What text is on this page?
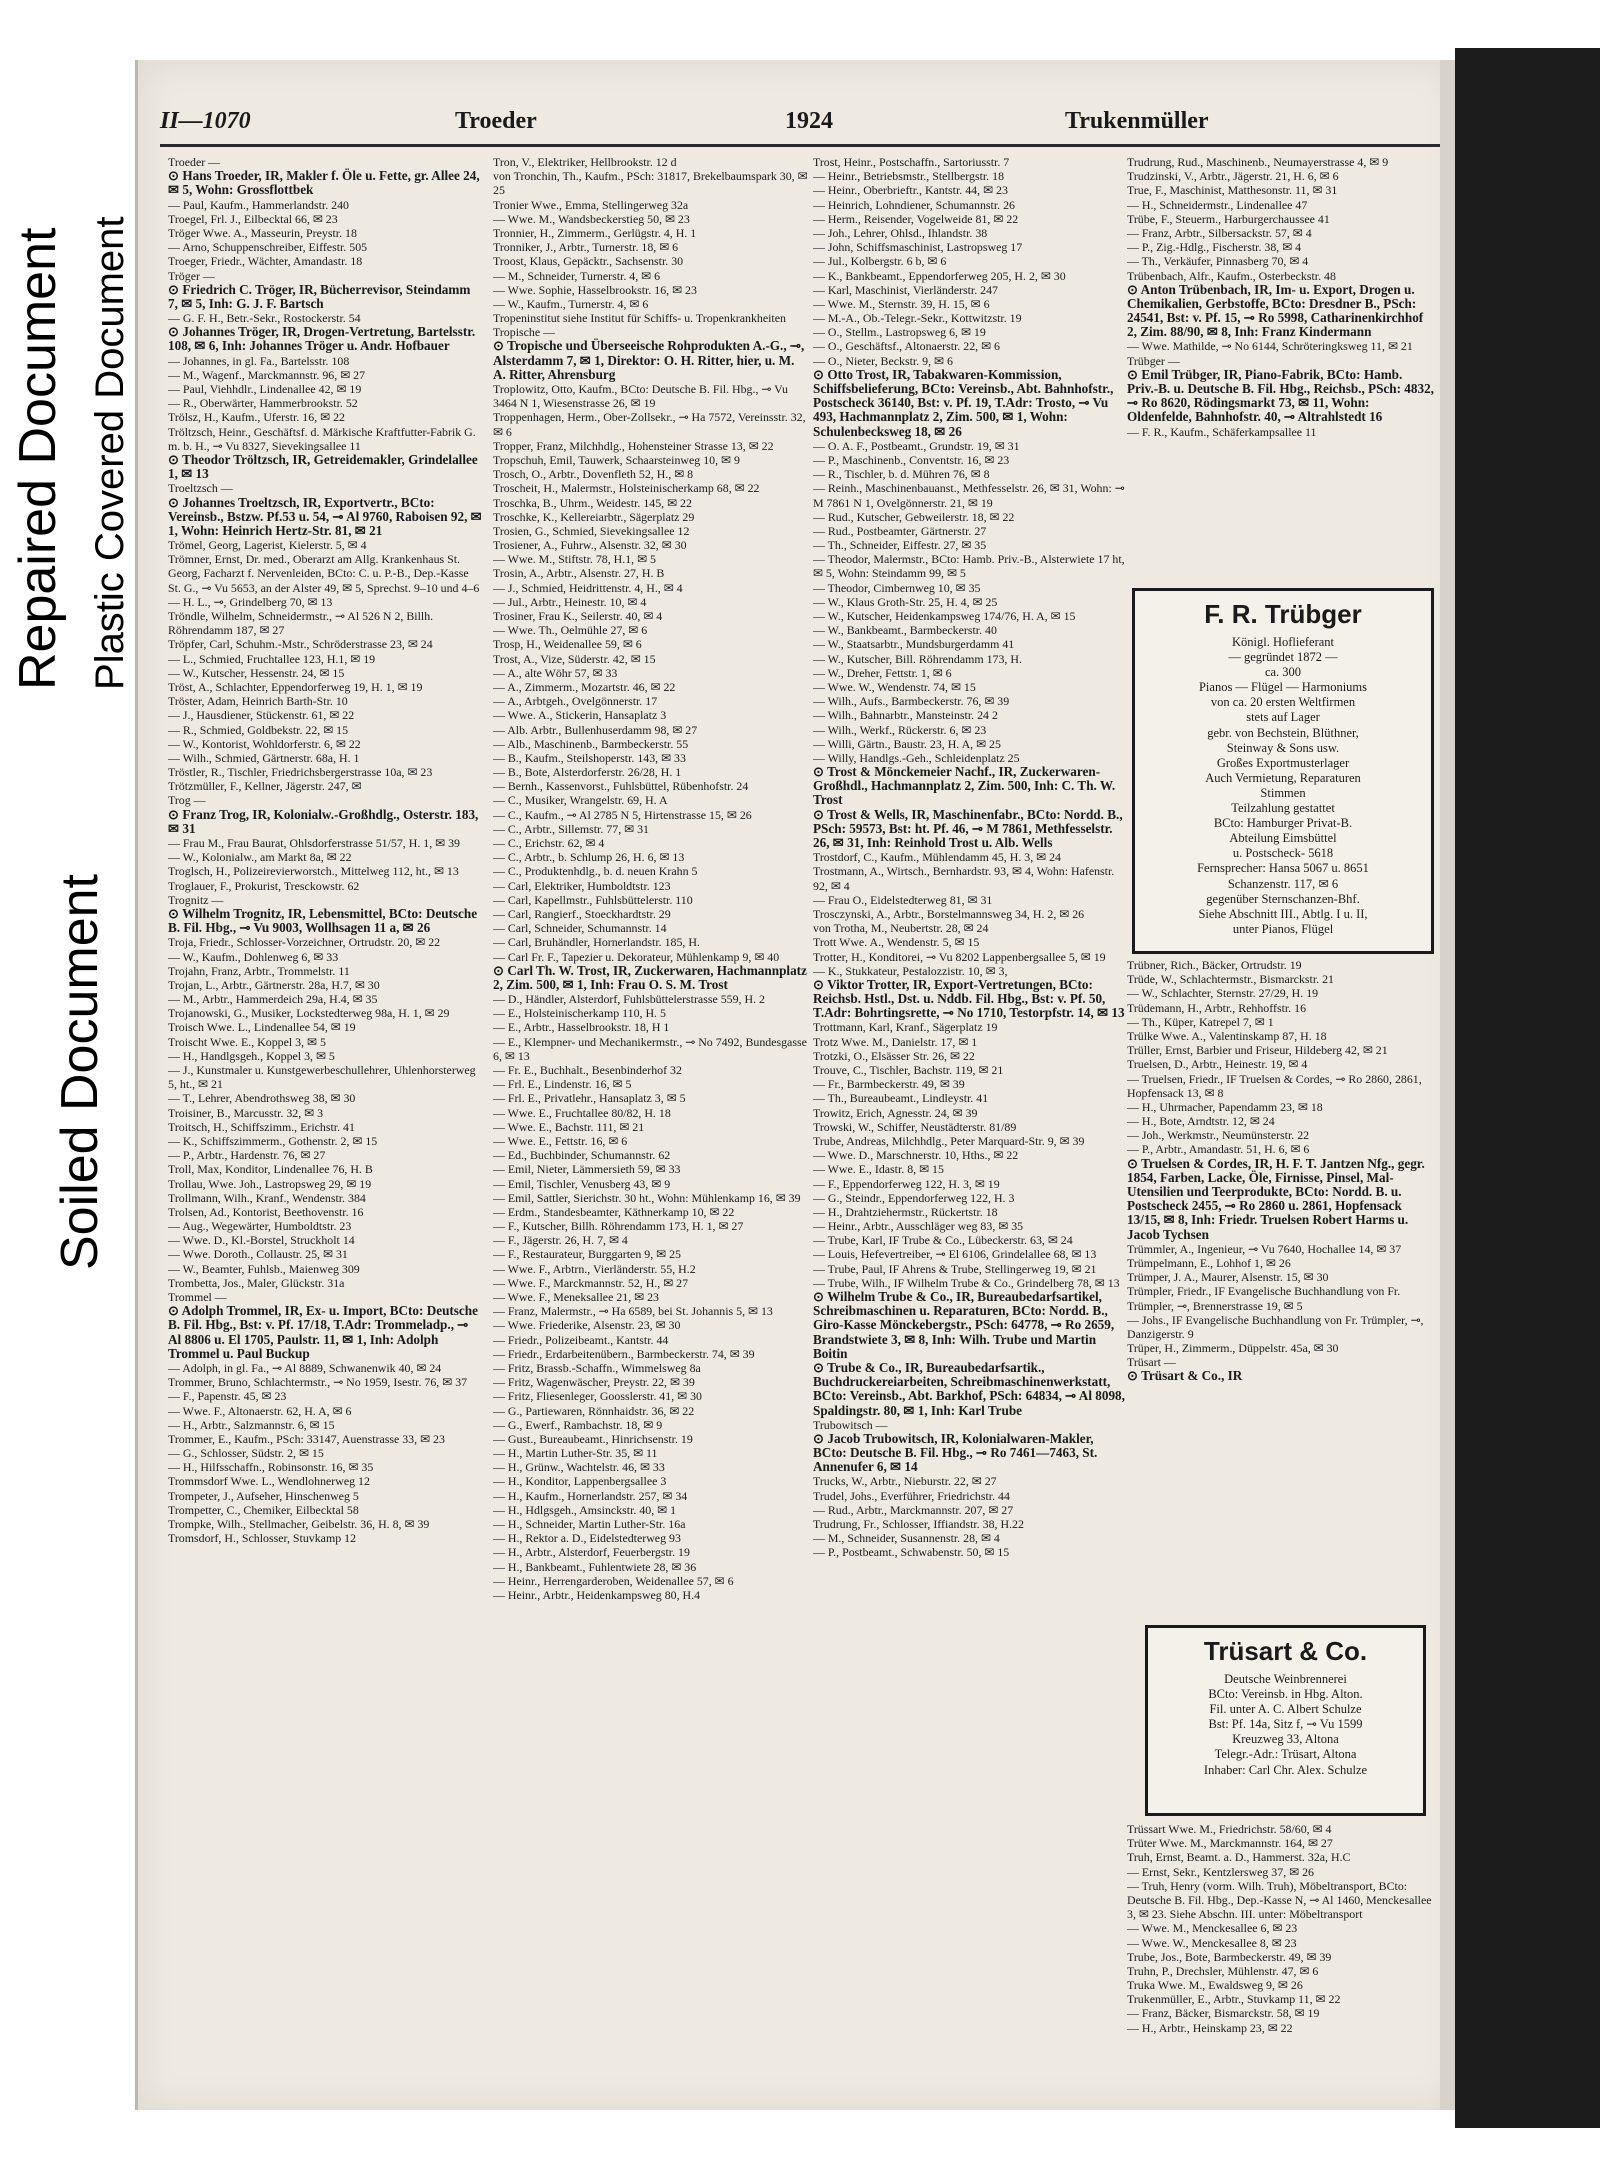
Repaired Document Plastic Covered Document
Soiled Document
II—1070	Troeder	1924	Trukenmüller

Troeder —

⊙ Hans Troeder, IR, Makler f. Öle u. Fette, gr. Allee 24, ✉ 5, Wohn: Grossflottbek

— Paul, Kaufm., Hammerlandstr. 240

Troegel, Frl. J., Eilbecktal 66, ✉ 23

Tröger Wwe. A., Masseurin, Preystr. 18

— Arno, Schuppenschreiber, Eiffestr. 505

Troeger, Friedr., Wächter, Amandastr. 18

Tröger —

⊙ Friedrich C. Tröger, IR, Bücherrevisor, Steindamm 7, ✉ 5, Inh: G. J. F. Bartsch

— G. F. H., Betr.-Sekr., Rostockerstr. 54

⊙ Johannes Tröger, IR, Drogen-Vertretung, Bartelsstr. 108, ✉ 6, Inh: Johannes Tröger u. Andr. Hofbauer

— Johannes, in gl. Fa., Bartelsstr. 108

— M., Wagenf., Marckmannstr. 96, ✉ 27

— Paul, Viehhdlr., Lindenallee 42, ✉ 19

— R., Oberwärter, Hammerbrookstr. 52

Trölsz, H., Kaufm., Uferstr. 16, ✉ 22

Tröltzsch, Heinr., Geschäftsf. d. Märkische Kraftfutter-Fabrik G. m. b. H., ⊸ Vu 8327, Sievekingsallee 11

⊙ Theodor Tröltzsch, IR, Getreidemakler, Grindelallee 1, ✉ 13

Troeltzsch —

⊙ Johannes Troeltzsch, IR, Exportvertr., BCto: Vereinsb., Bstzw. Pf.53 u. 54, ⊸ Al 9760, Raboisen 92, ✉ 1, Wohn: Heinrich Hertz-Str. 81, ✉ 21

Trömel, Georg, Lagerist, Kielerstr. 5, ✉ 4

Trömner, Ernst, Dr. med., Oberarzt am Allg. Krankenhaus St. Georg, Facharzt f. Nervenleiden, BCto: C. u. P.-B., Dep.-Kasse St. G., ⊸ Vu 5653, an der Alster 49, ✉ 5, Sprechst. 9–10 und 4–6

— H. L., ⊸, Grindelberg 70, ✉ 13

Tröndle, Wilhelm, Schneidermstr., ⊸ Al 526 N 2, Billh. Röhrendamm 187, ✉ 27

Tröpfer, Carl, Schuhm.-Mstr., Schröderstrasse 23, ✉ 24

— L., Schmied, Fruchtallee 123, H.1, ✉ 19

— W., Kutscher, Hessenstr. 24, ✉ 15

Tröst, A., Schlachter, Eppendorferweg 19, H. 1, ✉ 19

Tröster, Adam, Heinrich Barth-Str. 10

— J., Hausdiener, Stückenstr. 61, ✉ 22

— R., Schmied, Goldbekstr. 22, ✉ 15

— W., Kontorist, Wohldorferstr. 6, ✉ 22

— Wilh., Schmied, Gärtnerstr. 68a, H. 1

Tröstler, R., Tischler, Friedrichsbergerstrasse 10a, ✉ 23

Trötzmüller, F., Kellner, Jägerstr. 247, ✉

Trog —

⊙ Franz Trog, IR, Kolonialw.-Großhdlg., Osterstr. 183, ✉ 31

— Frau M., Frau Baurat, Ohlsdorferstrasse 51/57, H. 1, ✉ 39

— W., Kolonialw., am Markt 8a, ✉ 22

Troglsch, H., Polizeirevierworstch., Mittelweg 112, ht., ✉ 13

Troglauer, F., Prokurist, Tresckowstr. 62

Trognitz —

⊙ Wilhelm Trognitz, IR, Lebensmittel, BCto: Deutsche B. Fil. Hbg., ⊸ Vu 9003, Wollhsagen 11 a, ✉ 26

Troja, Friedr., Schlosser-Vorzeichner, Ortrudstr. 20, ✉ 22

— W., Kaufm., Dohlenweg 6, ✉ 33

Trojahn, Franz, Arbtr., Trommelstr. 11

Trojan, L., Arbtr., Gärtnerstr. 28a, H.7, ✉ 30

— M., Arbtr., Hammerdeich 29a, H.4, ✉ 35

Trojanowski, G., Musiker, Lockstedterweg 98a, H. 1, ✉ 29

Troisch Wwe. L., Lindenallee 54, ✉ 19

Troischt Wwe. E., Koppel 3, ✉ 5

— H., Handlgsgeh., Koppel 3, ✉ 5

— J., Kunstmaler u. Kunstgewerbeschullehrer, Uhlenhorsterweg 5, ht., ✉ 21

— T., Lehrer, Abendrothsweg 38, ✉ 30

Troisiner, B., Marcusstr. 32, ✉ 3

Troitsch, H., Schiffszimm., Erichstr. 41

— K., Schiffszimmerm., Gothenstr. 2, ✉ 15

— P., Arbtr., Hardenstr. 76, ✉ 27

Troll, Max, Konditor, Lindenallee 76, H. B

Trollau, Wwe. Joh., Lastropsweg 29, ✉ 19

Trollmann, Wilh., Kranf., Wendenstr. 384

Trolsen, Ad., Kontorist, Beethovenstr. 16

— Aug., Wegewärter, Humboldtstr. 23

— Wwe. D., Kl.-Borstel, Struckholt 14

— Wwe. Doroth., Collaustr. 25, ✉ 31

— W., Beamter, Fuhlsb., Maienweg 309

Trombetta, Jos., Maler, Glückstr. 31a

Trommel —

⊙ Adolph Trommel, IR, Ex- u. Import, BCto: Deutsche B. Fil. Hbg., Bst: v. Pf. 17/18, T.Adr: Trommeladp., ⊸ Al 8806 u. El 1705, Paulstr. 11, ✉ 1, Inh: Adolph Trommel u. Paul Buckup

— Adolph, in gl. Fa., ⊸ Al 8889, Schwanenwik 40, ✉ 24

Trommer, Bruno, Schlachtermstr., ⊸ No 1959, Isestr. 76, ✉ 37

— F., Papenstr. 45, ✉ 23

— Wwe. F., Altonaerstr. 62, H. A, ✉ 6

— H., Arbtr., Salzmannstr. 6, ✉ 15

Trommer, E., Kaufm., PSch: 33147, Auenstrasse 33, ✉ 23

— G., Schlosser, Südstr. 2, ✉ 15

— H., Hilfsschaffn., Robinsonstr. 16, ✉ 35

Trommsdorf Wwe. L., Wendlohnerweg 12

Trompeter, J., Aufseher, Hinschenweg 5

Trompetter, C., Chemiker, Eilbecktal 58

Trompke, Wilh., Stellmacher, Geibelstr. 36, H. 8, ✉ 39

Tromsdorf, H., Schlosser, Stuvkamp 12

Tron, V., Elektriker, Hellbrookstr. 12 d

von Tronchin, Th., Kaufm., PSch: 31817, Brekelbaumspark 30, ✉ 25

Tronier Wwe., Emma, Stellingerweg 32a

— Wwe. M., Wandsbeckerstieg 50, ✉ 23

Tronnier, H., Zimmerm., Gerlügstr. 4, H. 1

Tronniker, J., Arbtr., Turnerstr. 18, ✉ 6

Troost, Klaus, Gepäcktr., Sachsenstr. 30

— M., Schneider, Turnerstr. 4, ✉ 6

— Wwe. Sophie, Hasselbrookstr. 16, ✉ 23

— W., Kaufm., Turnerstr. 4, ✉ 6

Tropeninstitut siehe Institut für Schiffs- u. Tropenkrankheiten

Tropische —

⊙ Tropische und Überseeische Rohprodukten A.-G., ⊸, Alsterdamm 7, ✉ 1, Direktor: O. H. Ritter, hier, u. M. A. Ritter, Ahrensburg

Troplowitz, Otto, Kaufm., BCto: Deutsche B. Fil. Hbg., ⊸ Vu 3464 N 1, Wiesenstrasse 26, ✉ 19

Troppenhagen, Herm., Ober-Zollsekr., ⊸ Ha 7572, Vereinsstr. 32, ✉ 6

Tropper, Franz, Milchhdlg., Hohensteiner Strasse 13, ✉ 22

Tropschuh, Emil, Tauwerk, Schaarsteinweg 10, ✉ 9

Trosch, O., Arbtr., Dovenfleth 52, H., ✉ 8

Troscheit, H., Malermstr., Holsteinischerkamp 68, ✉ 22

Troschka, B., Uhrm., Weidestr. 145, ✉ 22

Troschke, K., Kellereiarbtr., Sägerplatz 29

Trosien, G., Schmied, Sievekingsallee 12

Trosiener, A., Fuhrw., Alsenstr. 32, ✉ 30

— Wwe. M., Stiftstr. 78, H.1, ✉ 5

Trosin, A., Arbtr., Alsenstr. 27, H. B

— J., Schmied, Heidrittenstr. 4, H., ✉ 4

— Jul., Arbtr., Heinestr. 10, ✉ 4

Trosiner, Frau K., Seilerstr. 40, ✉ 4

— Wwe. Th., Oelmühle 27, ✉ 6

Trosp, H., Weidenallee 59, ✉ 6

Trost, A., Vize, Süderstr. 42, ✉ 15

— A., alte Wöhr 57, ✉ 33

— A., Zimmerm., Mozartstr. 46, ✉ 22

— A., Arbtgeh., Ovelgönnerstr. 17

— Wwe. A., Stickerin, Hansaplatz 3

— Alb. Arbtr., Bullenhuserdamm 98, ✉ 27

— Alb., Maschinenb., Barmbeckerstr. 55

— B., Kaufm., Steilshoperstr. 143, ✉ 33

— B., Bote, Alsterdorferstr. 26/28, H. 1

— Bernh., Kassenvorst., Fuhlsbüttel, Rübenhofstr. 24

— C., Musiker, Wrangelstr. 69, H. A

— C., Kaufm., ⊸ Al 2785 N 5, Hirtenstrasse 15, ✉ 26

— C., Arbtr., Sillemstr. 77, ✉ 31

— C., Erichstr. 62, ✉ 4

— C., Arbtr., b. Schlump 26, H. 6, ✉ 13

— C., Produktenhdlg., b. d. neuen Krahn 5

— Carl, Elektriker, Humboldtstr. 123

— Carl, Kapellmstr., Fuhlsbüttelerstr. 110

— Carl, Rangierf., Stoeckhardtstr. 29

— Carl, Schneider, Schumannstr. 14

— Carl, Bruhändler, Hornerlandstr. 185, H.

— Carl Fr. F., Tapezier u. Dekorateur, Mühlenkamp 9, ✉ 40

⊙ Carl Th. W. Trost, IR, Zuckerwaren, Hachmannplatz 2, Zim. 500, ✉ 1, Inh: Frau O. S. M. Trost

— D., Händler, Alsterdorf, Fuhlsbüttelerstrasse 559, H. 2

— E., Holsteinischerkamp 110, H. 5

— E., Arbtr., Hasselbrookstr. 18, H 1

— E., Klempner- und Mechanikermstr., ⊸ No 7492, Bundesgasse 6, ✉ 13

— Fr. E., Buchhalt., Besenbinderhof 32

— Frl. E., Lindenstr. 16, ✉ 5

— Frl. E., Privatlehr., Hansaplatz 3, ✉ 5

— Wwe. E., Fruchtallee 80/82, H. 18

— Wwe. E., Bachstr. 111, ✉ 21

— Wwe. E., Fettstr. 16, ✉ 6

— Ed., Buchbinder, Schumannstr. 62

— Emil, Nieter, Lämmersieth 59, ✉ 33

— Emil, Tischler, Venusberg 43, ✉ 9

— Emil, Sattler, Sierichstr. 30 ht., Wohn: Mühlenkamp 16, ✉ 39

— Erdm., Standesbeamter, Käthnerkamp 10, ✉ 22

— F., Kutscher, Billh. Röhrendamm 173, H. 1, ✉ 27

— F., Jägerstr. 26, H. 7, ✉ 4

— F., Restaurateur, Burggarten 9, ✉ 25

— Wwe. F., Arbtrn., Vierländerstr. 55, H.2

— Wwe. F., Marckmannstr. 52, H., ✉ 27

— Wwe. F., Meneksallee 21, ✉ 23

— Franz, Malermstr., ⊸ Ha 6589, bei St. Johannis 5, ✉ 13

— Wwe. Friederike, Alsenstr. 23, ✉ 30

— Friedr., Polizeibeamt., Kantstr. 44

— Friedr., Erdarbeitenübern., Barmbeckerstr. 74, ✉ 39

— Fritz, Brassb.-Schaffn., Wimmelsweg 8a

— Fritz, Wagenwäscher, Preystr. 22, ✉ 39

— Fritz, Fliesenleger, Goosslerstr. 41, ✉ 30

— G., Partiewaren, Rönnhaidstr. 36, ✉ 22

— G., Ewerf., Rambachstr. 18, ✉ 9

— Gust., Bureaubeamt., Hinrichsenstr. 19

— H., Martin Luther-Str. 35, ✉ 11

— H., Grünw., Wachtelstr. 46, ✉ 33

— H., Konditor, Lappenbergsallee 3

— H., Kaufm., Hornerlandstr. 257, ✉ 34

— H., Hdlgsgeh., Amsinckstr. 40, ✉ 1

— H., Schneider, Martin Luther-Str. 16a

— H., Rektor a. D., Eidelstedterweg 93

— H., Arbtr., Alsterdorf, Feuerbergstr. 19

— H., Bankbeamt., Fuhlentwiete 28, ✉ 36

— Heinr., Herrengarderoben, Weidenallee 57, ✉ 6

— Heinr., Arbtr., Heidenkampsweg 80, H.4

Trost, Heinr., Postschaffn., Sartoriusstr. 7

— Heinr., Betriebsmstr., Stellbergstr. 18

— Heinr., Oberbrieftr., Kantstr. 44, ✉ 23

— Heinrich, Lohndiener, Schumannstr. 26

— Herm., Reisender, Vogelweide 81, ✉ 22

— Joh., Lehrer, Ohlsd., Ihlandstr. 38

— John, Schiffsmaschinist, Lastropsweg 17

— Jul., Kolbergstr. 6 b, ✉ 6

— K., Bankbeamt., Eppendorferweg 205, H. 2, ✉ 30

— Karl, Maschinist, Vierländerstr. 247

— Wwe. M., Sternstr. 39, H. 15, ✉ 6

— M.-A., Ob.-Telegr.-Sekr., Kottwitzstr. 19

— O., Stellm., Lastropsweg 6, ✉ 19

— O., Geschäftsf., Altonaerstr. 22, ✉ 6

— O., Nieter, Beckstr. 9, ✉ 6

⊙ Otto Trost, IR, Tabakwaren-Kommission, Schiffsbelieferung, BCto: Vereinsb., Abt. Bahnhofstr., Postscheck 36140, Bst: v. Pf. 19, T.Adr: Trosto, ⊸ Vu 493, Hachmannplatz 2, Zim. 500, ✉ 1, Wohn: Schulenbecksweg 18, ✉ 26

— O. A. F., Postbeamt., Grundstr. 19, ✉ 31

— P., Maschinenb., Conventstr. 16, ✉ 23

— R., Tischler, b. d. Mühren 76, ✉ 8

— Reinh., Maschinenbauanst., Methfesselstr. 26, ✉ 31, Wohn: ⊸ M 7861 N 1, Ovelgönnerstr. 21, ✉ 19

— Rud., Kutscher, Gebweilerstr. 18, ✉ 22

— Rud., Postbeamter, Gärtnerstr. 27

— Th., Schneider, Eiffestr. 27, ✉ 35

— Theodor, Malermstr., BCto: Hamb. Priv.-B., Alsterwiete 17 ht, ✉ 5, Wohn: Steindamm 99, ✉ 5

— Theodor, Cimbernweg 10, ✉ 35

— W., Klaus Groth-Str. 25, H. 4, ✉ 25

— W., Kutscher, Heidenkampsweg 174/76, H. A, ✉ 15

— W., Bankbeamt., Barmbeckerstr. 40

— W., Staatsarbtr., Mundsburgerdamm 41

— W., Kutscher, Bill. Röhrendamm 173, H.

— W., Dreher, Fettstr. 1, ✉ 6

— Wwe. W., Wendenstr. 74, ✉ 15

— Wilh., Aufs., Barmbeckerstr. 76, ✉ 39

— Wilh., Bahnarbtr., Mansteinstr. 24 2

— Wilh., Werkf., Rückerstr. 6, ✉ 23

— Willi, Gärtn., Baustr. 23, H. A, ✉ 25

— Willy, Handlgs.-Geh., Schleidenplatz 25

⊙ Trost & Mönckemeier Nachf., IR, Zuckerwaren-Großhdl., Hachmannplatz 2, Zim. 500, Inh: C. Th. W. Trost

⊙ Trost & Wells, IR, Maschinenfabr., BCto: Nordd. B., PSch: 59573, Bst: ht. Pf. 46, ⊸ M 7861, Methfesselstr. 26, ✉ 31, Inh: Reinhold Trost u. Alb. Wells

Trostdorf, C., Kaufm., Mühlendamm 45, H. 3, ✉ 24

Trostmann, A., Wirtsch., Bernhardstr. 93, ✉ 4, Wohn: Hafenstr. 92, ✉ 4

— Frau O., Eidelstedterweg 81, ✉ 31

Trosczynski, A., Arbtr., Borstelmannsweg 34, H. 2, ✉ 26

von Trotha, M., Neubertstr. 28, ✉ 24

Trott Wwe. A., Wendenstr. 5, ✉ 15

Trotter, H., Konditorei, ⊸ Vu 8202 Lappenbergsallee 5, ✉ 19

— K., Stukkateur, Pestalozzistr. 10, ✉ 3,

⊙ Viktor Trotter, IR, Export-Vertretungen, BCto: Reichsb. Hstl., Dst. u. Nddb. Fil. Hbg., Bst: v. Pf. 50, T.Adr: Bohrtingsrette, ⊸ No 1710, Testorpfstr. 14, ✉ 13

Trottmann, Karl, Kranf., Sägerplatz 19

Trotz Wwe. M., Danielstr. 17, ✉ 1

Trotzki, O., Elsässer Str. 26, ✉ 22

Trouve, C., Tischler, Bachstr. 119, ✉ 21

— Fr., Barmbeckerstr. 49, ✉ 39

— Th., Bureaubeamt., Lindleystr. 41

Trowitz, Erich, Agnesstr. 24, ✉ 39

Trowski, W., Schiffer, Neustädterstr. 81/89

Trube, Andreas, Milchhdlg., Peter Marquard-Str. 9, ✉ 39

— Wwe. D., Marschnerstr. 10, Hths., ✉ 22

— Wwe. E., Idastr. 8, ✉ 15

— F., Eppendorferweg 122, H. 3, ✉ 19

— G., Steindr., Eppendorferweg 122, H. 3

— H., Drahtziehermstr., Rückertstr. 18

— Heinr., Arbtr., Ausschläger weg 83, ✉ 35

— Trube, Karl, IF Trube & Co., Lübeckerstr. 63, ✉ 24

— Louis, Hefevertreiber, ⊸ El 6106, Grindelallee 68, ✉ 13

— Trube, Paul, IF Ahrens & Trube, Stellingerweg 19, ✉ 21

— Trube, Wilh., IF Wilhelm Trube & Co., Grindelberg 78, ✉ 13

⊙ Wilhelm Trube & Co., IR, Bureaubedarfsartikel, Schreibmaschinen u. Reparaturen, BCto: Nordd. B., Giro-Kasse Mönckebergstr., PSch: 64778, ⊸ Ro 2659, Brandstwiete 3, ✉ 8, Inh: Wilh. Trube und Martin Boitin

⊙ Trube & Co., IR, Bureaubedarfsartik., Buchdruckereiarbeiten, Schreibmaschinenwerkstatt, BCto: Vereinsb., Abt. Barkhof, PSch: 64834, ⊸ Al 8098, Spaldingstr. 80, ✉ 1, Inh: Karl Trube

Trubowitsch —

⊙ Jacob Trubowitsch, IR, Kolonialwaren-Makler, BCto: Deutsche B. Fil. Hbg., ⊸ Ro 7461—7463, St. Annenufer 6, ✉ 14

Trucks, W., Arbtr., Nieburstr. 22, ✉ 27

Trudel, Johs., Everführer, Friedrichstr. 44

— Rud., Arbtr., Marckmannstr. 207, ✉ 27

Trudrung, Fr., Schlosser, Iffiandstr. 38, H.22

— M., Schneider, Susannenstr. 28, ✉ 4

— P., Postbeamt., Schwabenstr. 50, ✉ 15

Trudrung, Rud., Maschinenb., Neumayerstrasse 4, ✉ 9

Trudzinski, V., Arbtr., Jägerstr. 21, H. 6, ✉ 6

True, F., Maschinist, Matthesonstr. 11, ✉ 31

— H., Schneidermstr., Lindenallee 47

Trübe, F., Steuerm., Harburgerchaussee 41

— Franz, Arbtr., Silbersackstr. 57, ✉ 4

— P., Zig.-Hdlg., Fischerstr. 38, ✉ 4

— Th., Verkäufer, Pinnasberg 70, ✉ 4

Trübenbach, Alfr., Kaufm., Osterbeckstr. 48

⊙ Anton Trübenbach, IR, Im- u. Export, Drogen u. Chemikalien, Gerbstoffe, BCto: Dresdner B., PSch: 24541, Bst: v. Pf. 15, ⊸ Ro 5998, Catharinenkirchhof 2, Zim. 88/90, ✉ 8, Inh: Franz Kindermann

— Wwe. Mathilde, ⊸ No 6144, Schröteringksweg 11, ✉ 21

Trübger —

⊙ Emil Trübger, IR, Piano-Fabrik, BCto: Hamb. Priv.-B. u. Deutsche B. Fil. Hbg., Reichsb., PSch: 4832, ⊸ Ro 8620, Rödingsmarkt 73, ✉ 11, Wohn: Oldenfelde, Bahnhofstr. 40, ⊸ Altrahlstedt 16

— F. R., Kaufm., Schäferkampsallee 11

F. R. Trübger

Königl. Hoflieferant

— gegründet 1872 —

ca. 300

Pianos — Flügel — Harmoniums

von ca. 20 ersten Weltfirmen

stets auf Lager

gebr. von Bechstein, Blüthner,

Steinway & Sons usw.

Großes Exportmusterlager

Auch Vermietung, Reparaturen

Stimmen

Teilzahlung gestattet

BCto: Hamburger Privat-B.

Abteilung Eimsbüttel

u. Postscheck- 5618

Fernsprecher: Hansa 5067 u. 8651

Schanzenstr. 117, ✉ 6

gegenüber Sternschanzen-Bhf.

Siehe Abschnitt III., Abtlg. I u. II,

unter Pianos, Flügel

Trübner, Rich., Bäcker, Ortrudstr. 19

Trüde, W., Schlachtermstr., Bismarckstr. 21

— W., Schlachter, Sternstr. 27/29, H. 19

Trüdemann, H., Arbtr., Rehhoffstr. 16

— Th., Küper, Katrepel 7, ✉ 1

Trülke Wwe. A., Valentinskamp 87, H. 18

Trüller, Ernst, Barbier und Friseur, Hildeberg 42, ✉ 21

Truelsen, D., Arbtr., Heinestr. 19, ✉ 4

— Truelsen, Friedr., IF Truelsen & Cordes, ⊸ Ro 2860, 2861, Hopfensack 13, ✉ 8

— H., Uhrmacher, Papendamm 23, ✉ 18

— H., Bote, Arndtstr. 12, ✉ 24

— Joh., Werkmstr., Neumünsterstr. 22

— P., Arbtr., Amandastr. 51, H. 6, ✉ 6

⊙ Truelsen & Cordes, IR, H. F. T. Jantzen Nfg., gegr. 1854, Farben, Lacke, Öle, Firnisse, Pinsel, Mal-Utensilien und Teerprodukte, BCto: Nordd. B. u. Postscheck 2455, ⊸ Ro 2860 u. 2861, Hopfensack 13/15, ✉ 8, Inh: Friedr. Truelsen Robert Harms u. Jacob Tychsen

Trümmler, A., Ingenieur, ⊸ Vu 7640, Hochallee 14, ✉ 37

Trümpelmann, E., Lohhof 1, ✉ 26

Trümper, J. A., Maurer, Alsenstr. 15, ✉ 30

Trümpler, Friedr., IF Evangelische Buchhandlung von Fr. Trümpler, ⊸, Brennerstrasse 19, ✉ 5

— Johs., IF Evangelische Buchhandlung von Fr. Trümpler, ⊸, Danzigerstr. 9

Trüper, H., Zimmerm., Düppelstr. 45a, ✉ 30

Trüsart —

⊙ Trüsart & Co., IR

Trüsart & Co.

Deutsche Weinbrennerei

BCto: Vereinsb. in Hbg. Alton.

Fil. unter A. C. Albert Schulze

Bst: Pf. 14a, Sitz f, ⊸ Vu 1599

Kreuzweg 33, Altona

Telegr.-Adr.: Trüsart, Altona

Inhaber: Carl Chr. Alex. Schulze

Trüssart Wwe. M., Friedrichstr. 58/60, ✉ 4

Trüter Wwe. M., Marckmannstr. 164, ✉ 27

Truh, Ernst, Beamt. a. D., Hammerst. 32a, H.C

— Ernst, Sekr., Kentzlersweg 37, ✉ 26

— Truh, Henry (vorm. Wilh. Truh), Möbeltransport, BCto: Deutsche B. Fil. Hbg., Dep.-Kasse N, ⊸ Al 1460, Menckesallee 3, ✉ 23. Siehe Abschn. III. unter: Möbeltransport

— Wwe. M., Menckesallee 6, ✉ 23

— Wwe. W., Menckesallee 8, ✉ 23

Trube, Jos., Bote, Barmbeckerstr. 49, ✉ 39

Truhn, P., Drechsler, Mühlenstr. 47, ✉ 6

Truka Wwe. M., Ewaldsweg 9, ✉ 26

Trukenmüller, E., Arbtr., Stuvkamp 11, ✉ 22

— Franz, Bäcker, Bismarckstr. 58, ✉ 19

— H., Arbtr., Heinskamp 23, ✉ 22
